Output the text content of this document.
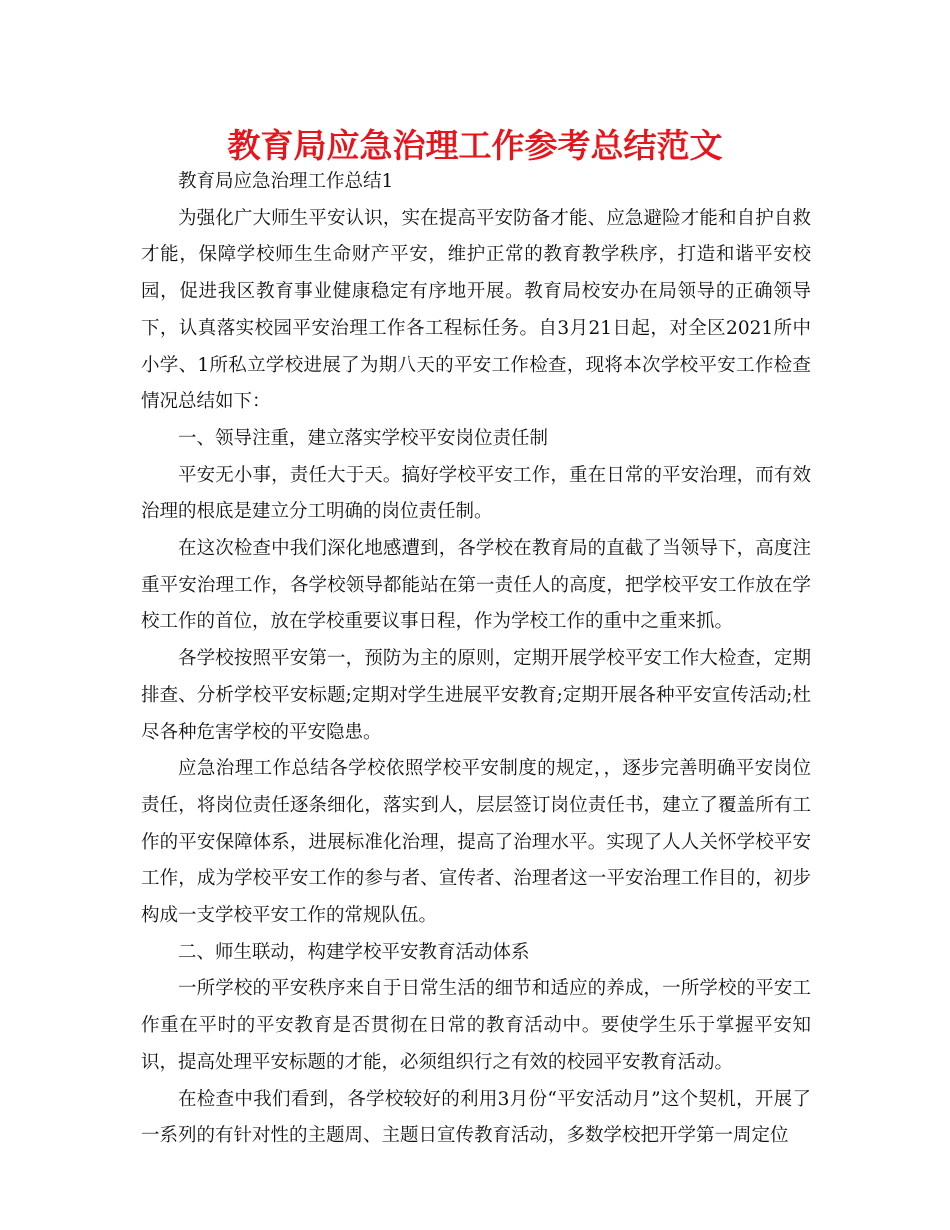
教育局应急治理工作参考总结范文

教育局应急治理工作总结1

为强化广大师生平安认识，实在提高平安防备才能、应急避险才能和自护自救才能，保障学校师生生命财产平安，维护正常的教育教学秩序，打造和谐平安校园，促进我区教育事业健康稳定有序地开展。教育局校安办在局领导的正确领导下，认真落实校园平安治理工作各工程标任务。自3月21日起，对全区2021所中小学、1所私立学校进展了为期八天的平安工作检查，现将本次学校平安工作检查情况总结如下：

一、领导注重，建立落实学校平安岗位责任制

平安无小事，责任大于天。搞好学校平安工作，重在日常的平安治理，而有效治理的根底是建立分工明确的岗位责任制。

在这次检查中我们深化地感遭到，各学校在教育局的直截了当领导下，高度注重平安治理工作，各学校领导都能站在第一责任人的高度，把学校平安工作放在学校工作的首位，放在学校重要议事日程，作为学校工作的重中之重来抓。

各学校按照平安第一，预防为主的原则，定期开展学校平安工作大检查，定期排查、分析学校平安标题;定期对学生进展平安教育;定期开展各种平安宣传活动;杜尽各种危害学校的平安隐患。

应急治理工作总结各学校依照学校平安制度的规定，，逐步完善明确平安岗位责任，将岗位责任逐条细化，落实到人，层层签订岗位责任书，建立了覆盖所有工作的平安保障体系，进展标准化治理，提高了治理水平。实现了人人关怀学校平安工作，成为学校平安工作的参与者、宣传者、治理者这一平安治理工作目的，初步构成一支学校平安工作的常规队伍。

二、师生联动，构建学校平安教育活动体系

一所学校的平安秩序来自于日常生活的细节和适应的养成，一所学校的平安工作重在平时的平安教育是否贯彻在日常的教育活动中。要使学生乐于掌握平安知识，提高处理平安标题的才能，必须组织行之有效的校园平安教育活动。

在检查中我们看到，各学校较好的利用3月份“平安活动月”这个契机，开展了一系列的有针对性的主题周、主题日宣传教育活动，多数学校把开学第一周定位
